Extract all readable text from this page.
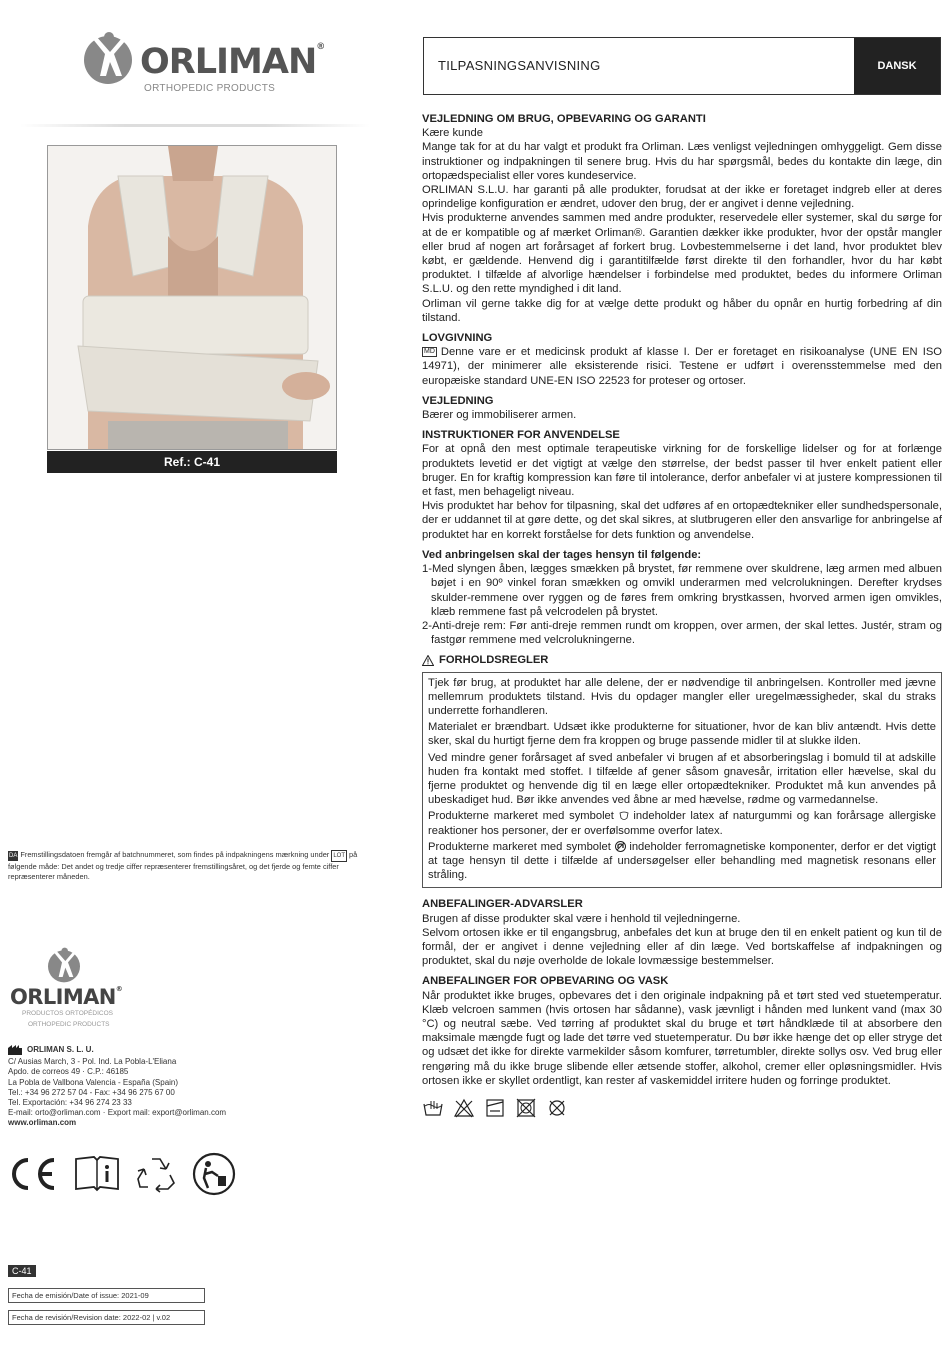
ORLIMAN®
ORTHOPEDIC PRODUCTS
Ref.: C-41
TILPASNINGSANVISNING	DANSK
VEJLEDNING OM BRUG, OPBEVARING OG GARANTI

Kære kunde

Mange tak for at du har valgt et produkt fra Orliman. Læs venligst vejledningen omhyggeligt. Gem disse instruktioner og indpakningen til senere brug. Hvis du har spørgsmål, bedes du kontakte din læge, din ortopædspecialist eller vores kundeservice.

ORLIMAN S.L.U. har garanti på alle produkter, forudsat at der ikke er foretaget indgreb eller at deres oprindelige konfiguration er ændret, udover den brug, der er angivet i denne vejledning.

Hvis produkterne anvendes sammen med andre produkter, reservedele eller systemer, skal du sørge for at de er kompatible og af mærket Orliman®. Garantien dækker ikke produkter, hvor der opstår mangler eller brud af nogen art forårsaget af forkert brug. Lovbestemmelserne i det land, hvor produktet blev købt, er gældende. Henvend dig i garantitilfælde først direkte til den forhandler, hvor du har købt produktet. I tilfælde af alvorlige hændelser i forbindelse med produktet, bedes du informere Orliman S.L.U. og den rette myndighed i dit land.

Orliman vil gerne takke dig for at vælge dette produkt og håber du opnår en hurtig forbedring af din tilstand.

LOVGIVNING

MD Denne vare er et medicinsk produkt af klasse I. Der er foretaget en risikoanalyse (UNE EN ISO 14971), der minimerer alle eksisterende risici. Testene er udført i overensstemmelse med den europæiske standard UNE-EN ISO 22523 for proteser og ortoser.

VEJLEDNING

Bærer og immobiliserer armen.

INSTRUKTIONER FOR ANVENDELSE

For at opnå den mest optimale terapeutiske virkning for de forskellige lidelser og for at forlænge produktets levetid er det vigtigt at vælge den størrelse, der bedst passer til hver enkelt patient eller bruger. En for kraftig kompression kan føre til intolerance, derfor anbefaler vi at justere kompressionen til et fast, men behageligt niveau.

Hvis produktet har behov for tilpasning, skal det udføres af en ortopædtekniker eller sundhedspersonale, der er uddannet til at gøre dette, og det skal sikres, at slutbrugeren eller den ansvarlige for anbringelse af produktet har en korrekt forståelse for dets funktion og anvendelse.

Ved anbringelsen skal der tages hensyn til følgende:

1-Med slyngen åben, lægges smækken på brystet, før remmene over skuldrene, læg armen med albuen bøjet i en 90º vinkel foran smækken og omvikl underarmen med velcrolukningen. Derefter krydses skulder-remmene over ryggen og de føres frem omkring brystkassen, hvorved armen igen omvikles, klæb remmene fast på velcrodelen på brystet.

2-Anti-dreje rem: Før anti-dreje remmen rundt om kroppen, over armen, der skal lettes. Justér, stram og fastgør remmene med velcrolukningerne.

FORHOLDSREGLER

Tjek før brug, at produktet har alle delene, der er nødvendige til anbringelsen. Kontroller med jævne mellemrum produktets tilstand. Hvis du opdager mangler eller uregelmæssigheder, skal du straks underrette forhandleren.

Materialet er brændbart. Udsæt ikke produkterne for situationer, hvor de kan bliv antændt. Hvis dette sker, skal du hurtigt fjerne dem fra kroppen og bruge passende midler til at slukke ilden.

Ved mindre gener forårsaget af sved anbefaler vi brugen af et absorberingslag i bomuld til at adskille huden fra kontakt med stoffet. I tilfælde af gener såsom gnavesår, irritation eller hævelse, skal du fjerne produktet og henvende dig til en læge eller ortopædtekniker. Produktet må kun anvendes på ubeskadiget hud. Bør ikke anvendes ved åbne ar med hævelse, rødme og varmedannelse.

Produkterne markeret med symbolet indeholder latex af naturgummi og kan forårsage allergiske reaktioner hos personer, der er overfølsomme overfor latex.

Produkterne markeret med symbolet indeholder ferromagnetiske komponenter, derfor er det vigtigt at tage hensyn til dette i tilfælde af undersøgelser eller behandling med magnetisk resonans eller stråling.

ANBEFALINGER-ADVARSLER

Brugen af disse produkter skal være i henhold til vejledningerne.

Selvom ortosen ikke er til engangsbrug, anbefales det kun at bruge den til en enkelt patient og kun til de formål, der er angivet i denne vejledning eller af din læge. Ved bortskaffelse af indpakningen og produktet, skal du nøje overholde de lokale lovmæssige bestemmelser.

ANBEFALINGER FOR OPBEVARING OG VASK

Når produktet ikke bruges, opbevares det i den originale indpakning på et tørt sted ved stuetemperatur. Klæb velcroen sammen (hvis ortosen har sådanne), vask jævnligt i hånden med lunkent vand (max 30 °C) og neutral sæbe. Ved tørring af produktet skal du bruge et tørt håndklæde til at absorbere den maksimale mængde fugt og lade det tørre ved stuetemperatur. Du bør ikke hænge det op eller stryge det og udsæt det ikke for direkte varmekilder såsom komfurer, tørretumbler, direkte sollys osv. Ved brug eller rengøring må du ikke bruge slibende eller ætsende stoffer, alkohol, cremer eller opløsningsmidler. Hvis ortosen ikke er skyllet ordentligt, kan rester af vaskemiddel irritere huden og forringe produktet.

DA Fremstillingsdatoen fremgår af batchnummeret, som findes på indpakningens mærkning under LOT på følgende måde: Det andet og tredje ciffer repræsenterer fremstillingsåret, og det fjerde og femte ciffer repræsenterer måneden.
ORLIMAN®
PRODUCTOS ORTOPÉDICOS
ORTHOPEDIC PRODUCTS
ORLIMAN S. L. U.
C/ Ausias March, 3 - Pol. Ind. La Pobla-L'Eliana
Apdo. de correos 49 · C.P.: 46185
La Pobla de Vallbona Valencia - España (Spain)
Tel.: +34 96 272 57 04 - Fax: +34 96 275 67 00
Tel. Exportación: +34 96 274 23 33
E-mail: orto@orliman.com · Export mail: export@orliman.com
www.orliman.com
C-41
Fecha de emisión/Date of issue: 2021-09
Fecha de revisión/Revision date: 2022-02 | v.02
